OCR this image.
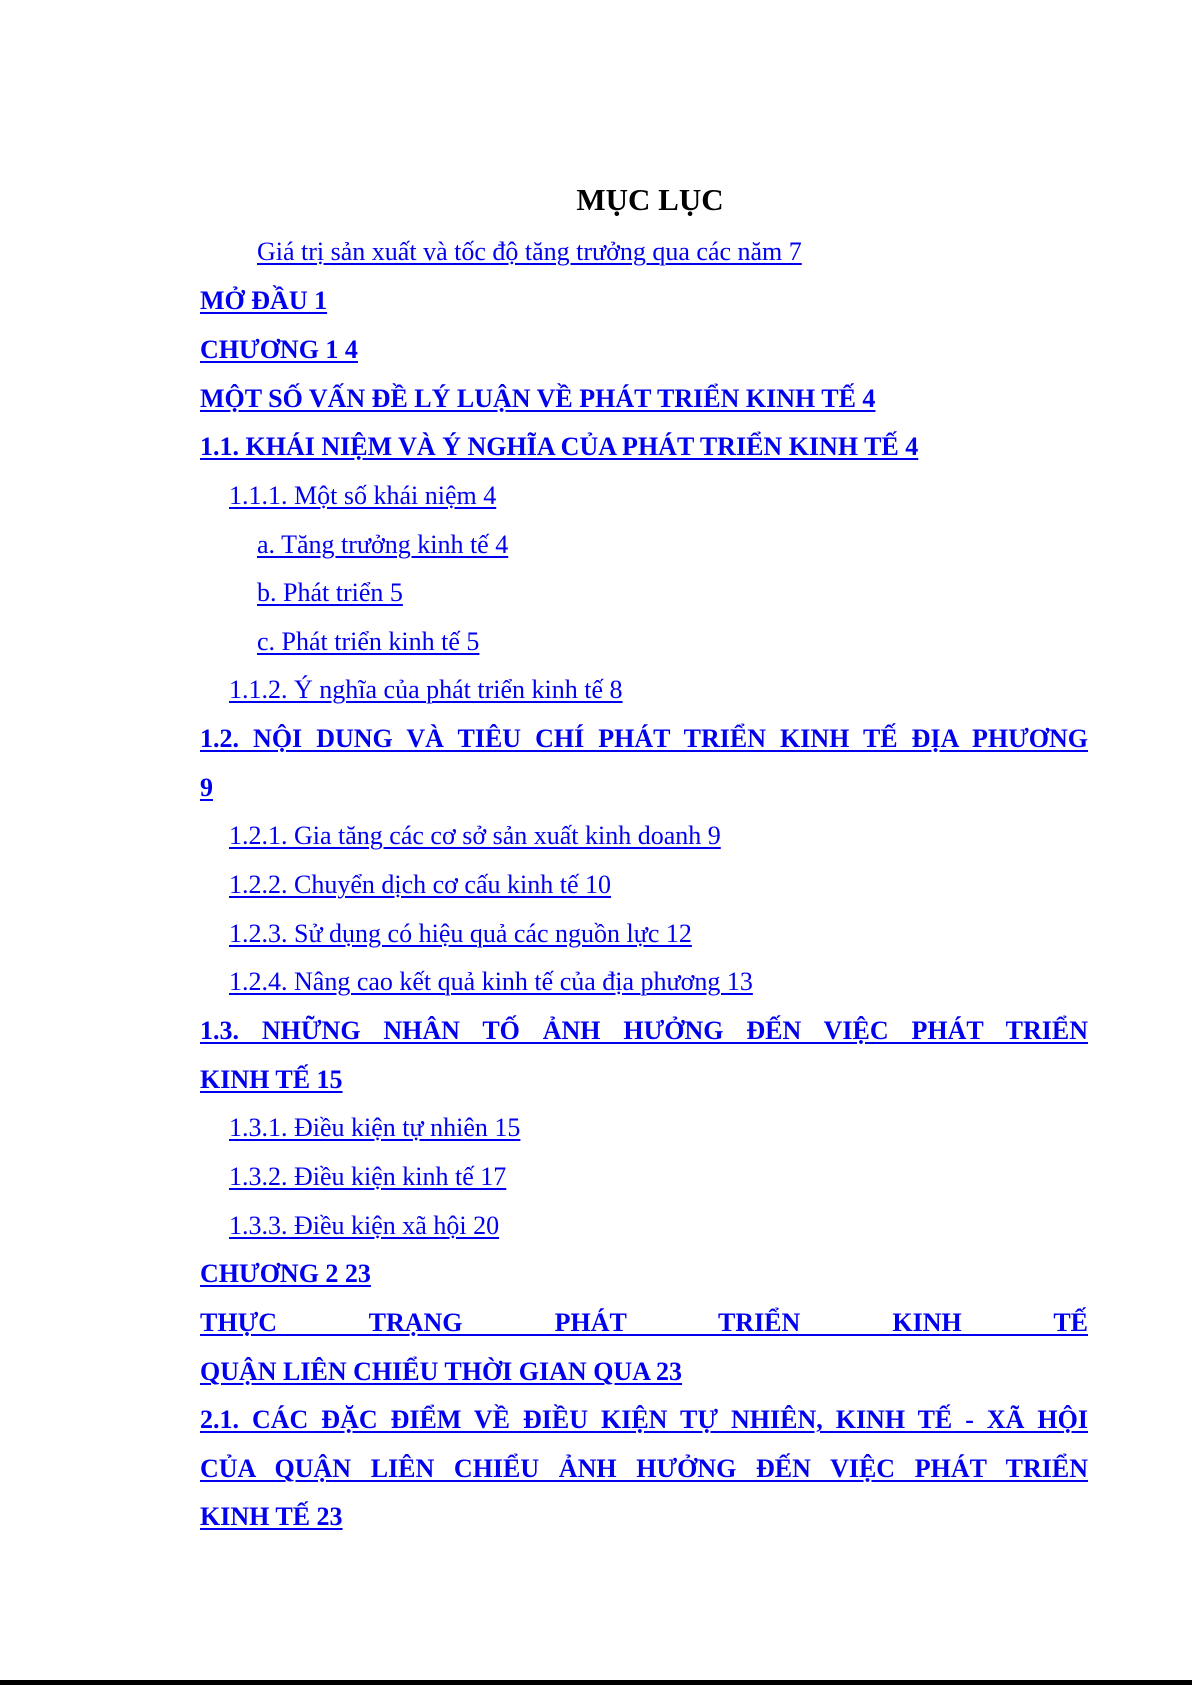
MỤC LỤC
Giá trị sản xuất và tốc độ tăng trưởng qua các năm 7
MỞ ĐẦU 1
CHƯƠNG 1 4
MỘT SỐ VẤN ĐỀ LÝ LUẬN VỀ PHÁT TRIỂN KINH TẾ 4
1.1. KHÁI NIỆM VÀ Ý NGHĨA CỦA PHÁT TRIỂN KINH TẾ 4
1.1.1. Một số khái niệm 4
a. Tăng trưởng kinh tế 4
b. Phát triển 5
c. Phát triển kinh tế 5
1.1.2. Ý nghĩa của phát triển kinh tế 8
1.2. NỘI DUNG VÀ TIÊU CHÍ PHÁT TRIỂN KINH TẾ ĐỊA PHƯƠNG
9
1.2.1. Gia tăng các cơ sở sản xuất kinh doanh 9
1.2.2. Chuyển dịch cơ cấu kinh tế 10
1.2.3. Sử dụng có hiệu quả các nguồn lực 12
1.2.4. Nâng cao kết quả kinh tế của địa phương 13
1.3. NHỮNG NHÂN TỐ ẢNH HƯỞNG ĐẾN VIỆC PHÁT TRIỂN
KINH TẾ 15
1.3.1. Điều kiện tự nhiên 15
1.3.2. Điều kiện kinh tế 17
1.3.3. Điều kiện xã hội 20
CHƯƠNG 2 23
THỰC TRẠNG PHÁT TRIỂN KINH TẾ
QUẬN LIÊN CHIỂU THỜI GIAN QUA 23
2.1. CÁC ĐẶC ĐIỂM VỀ ĐIỀU KIỆN TỰ NHIÊN, KINH TẾ - XÃ HỘI
CỦA QUẬN LIÊN CHIỂU ẢNH HƯỞNG ĐẾN VIỆC PHÁT TRIỂN
KINH TẾ 23
